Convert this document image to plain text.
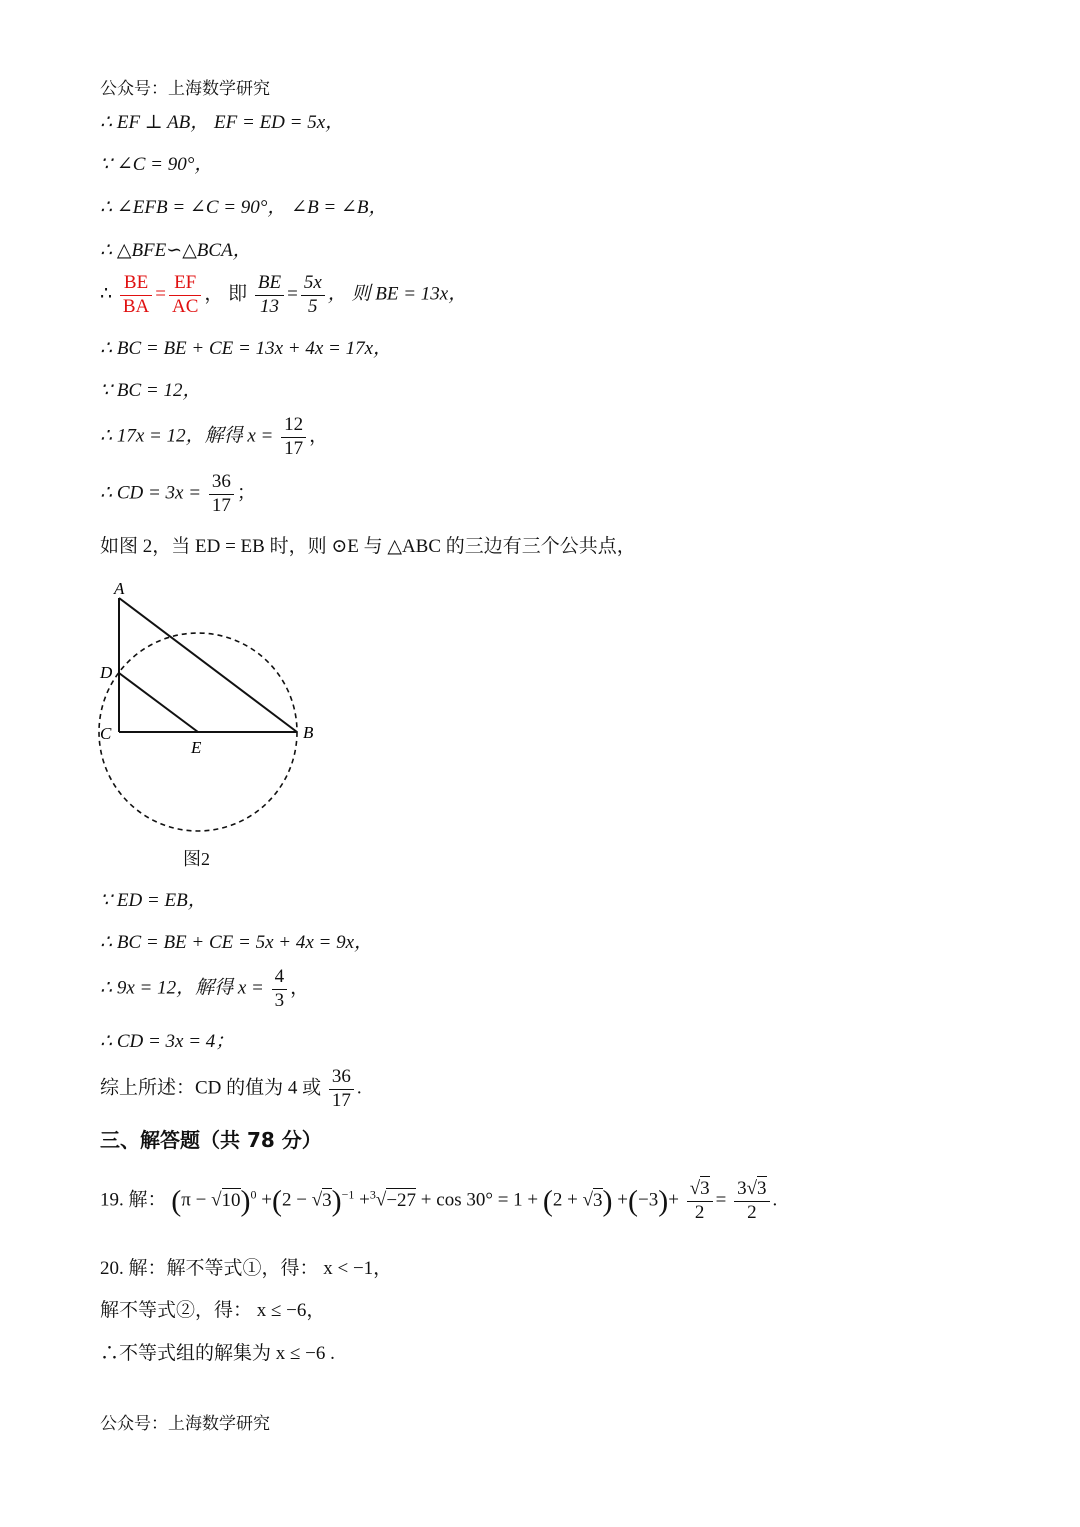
公众号：上海数学研究
∴ EF ⊥ AB， EF = ED = 5x，
∵ ∠C = 90°，
∴ ∠EFB = ∠C = 90°， ∠B = ∠B，
∴ △BFE∽△BCA，
∴ $\frac{BE}{BA} = \frac{EF}{AC}$ ， 即 $\frac{BE}{13} = \frac{5x}{5}$ ， 则 BE = 13x，
∴ BC = BE + CE = 13x + 4x = 17x，
∵ BC = 12，
∴ 17x = 12，解得 $x = \frac{12}{17}$ ，
∴ CD = $3x = \frac{36}{17}$ ；
如图 2，当 ED = EB 时，则 ⊙E 与 △ABC 的三边有三个公共点，
A
D
C
E
B
图2
∵ ED = EB，
∴ BC = BE + CE = 5x + 4x = 9x，
∴ 9x = 12，解得 $x = \frac{4}{3}$ ，
∴ CD = 3x = 4；
综上所述：CD 的值为 4 或 $\frac{36}{17}$ .
三、解答题（共 78 分）
19. 解： $(\pi - √10)^0 +(2 - √3)^{-1} +^3√-27 + \cos 30^\circ = 1 + (2 + √3) +(-3)+ \frac{√3}{2} = \frac{3√3}{2}$ .
20. 解：解不等式①，得： x < −1，
解不等式②，得： x ≤ −6，
∴不等式组的解集为 x ≤ −6 .
公众号：上海数学研究
